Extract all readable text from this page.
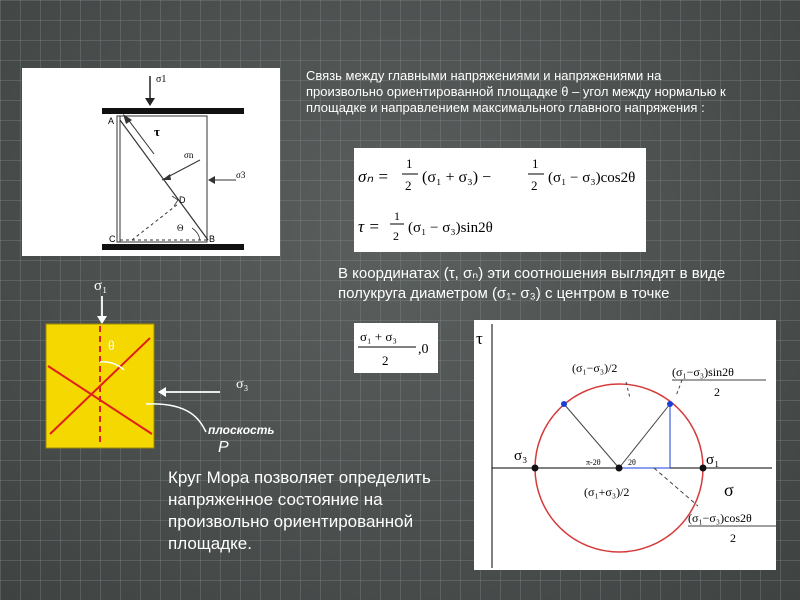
σ1
τ
σn
σ3
Θ
A
B
C
D
Связь между главными напряжениями и напряжениями на произвольно ориентированной площадке θ – угол между нормалью к площадке и направлением максимального главного напряжения :
σₙ =
1
2 (σ₁ + σ₃) −
1
2 (σ₁ − σ₃)cos2θ
τ =
1
2 (σ₁ − σ₃)sin2θ
В координатах (τ, σₙ) эти соотношения выглядят в виде полукруга диаметром (σ₁- σ₃) с центром в точке
σ₁ + σ₃
2
,0
σ₁
θ
σ₃
плоскость
P
Круг Мора позволяет определить напряженное состояние на произвольно ориентированной площадке.
τ
σ
σ₃	σ₁
(σ₁−σ₃)/2
(σ₁+σ₃)/2
(σ₁−σ₃)sin2θ
2
(σ₁−σ₃)cos2θ
2
π-2θ	2θ
